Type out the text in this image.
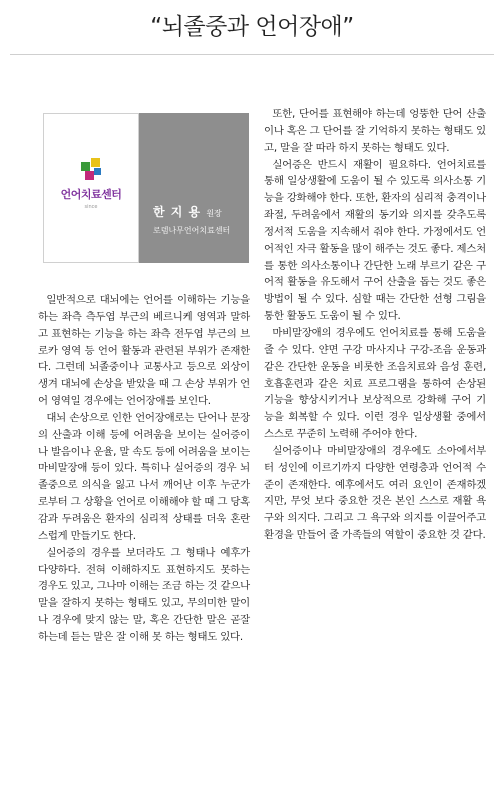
“뇌졸중과 언어장애”
언어치료센터
since	한 지 용 원장
로뎀나무언어치료센터

일반적으로 대뇌에는 언어를 이해하는 기능을 하는 좌측 측두엽 부근의 베르니케 영역과 말하고 표현하는 기능을 하는 좌측 전두엽 부근의 브로카 영역 등 언어 활동과 관련된 부위가 존재한다. 그런데 뇌졸중이나 교통사고 등으로 외상이 생겨 대뇌에 손상을 받았을 때 그 손상 부위가 언어 영역일 경우에는 언어장애를 보인다.

대뇌 손상으로 인한 언어장애로는 단어나 문장의 산출과 이해 등에 어려움을 보이는 실어증이나 발음이나 운율, 말 속도 등에 어려움을 보이는 마비말장애 등이 있다. 특히나 실어증의 경우 뇌졸중으로 의식을 잃고 나서 깨어난 이후 누군가로부터 그 상황을 언어로 이해해야 할 때 그 당혹감과 두려움은 환자의 심리적 상태를 더욱 혼란스럽게 만들기도 한다.

실어증의 경우를 보더라도 그 형태나 예후가 다양하다. 전혀 이해하지도 표현하지도 못하는 경우도 있고, 그나마 이해는 조금 하는 것 같으나 말을 잘하지 못하는 형태도 있고, 무의미한 말이나 경우에 맞지 않는 말, 혹은 간단한 말은 곧잘 하는데 듣는 말은 잘 이해 못 하는 형태도 있다.

또한, 단어를 표현해야 하는데 엉뚱한 단어 산출이나 혹은 그 단어를 잘 기억하지 못하는 형태도 있고, 말을 잘 따라 하지 못하는 형태도 있다.

실어증은 반드시 재활이 필요하다. 언어치료를 통해 일상생활에 도움이 될 수 있도록 의사소통 기능을 강화해야 한다. 또한, 환자의 심리적 충격이나 좌절, 두려움에서 재활의 동기와 의지를 갖추도록 정서적 도움을 지속해서 줘야 한다. 가정에서도 언어적인 자극 활동을 많이 해주는 것도 좋다. 제스처를 통한 의사소통이나 간단한 노래 부르기 같은 구어적 활동을 유도해서 구어 산출을 돕는 것도 좋은 방법이 될 수 있다. 심할 때는 간단한 선형 그림을 통한 활동도 도움이 될 수 있다.

마비말장애의 경우에도 언어치료를 통해 도움을 줄 수 있다. 얀면 구강 마사지나 구강-조음 운동과 같은 간단한 운동을 비롯한 조음치료와 음성 훈련, 호흡훈련과 같은 치료 프로그램을 통하여 손상된 기능을 향상시키거나 보상적으로 강화해 구어 기능을 회복할 수 있다. 이런 경우 일상생활 중에서 스스로 꾸준히 노력해 주어야 한다.

실어증이나 마비말장애의 경우에도 소아에서부터 성인에 이르기까지 다양한 연령층과 언어적 수준이 존재한다. 예후에서도 여러 요인이 존재하겠지만, 무엇 보다 중요한 것은 본인 스스로 재활 욕구와 의지다. 그리고 그 욕구와 의지를 이끌어주고 환경을 만들어 줄 가족들의 역할이 중요한 것 같다.
